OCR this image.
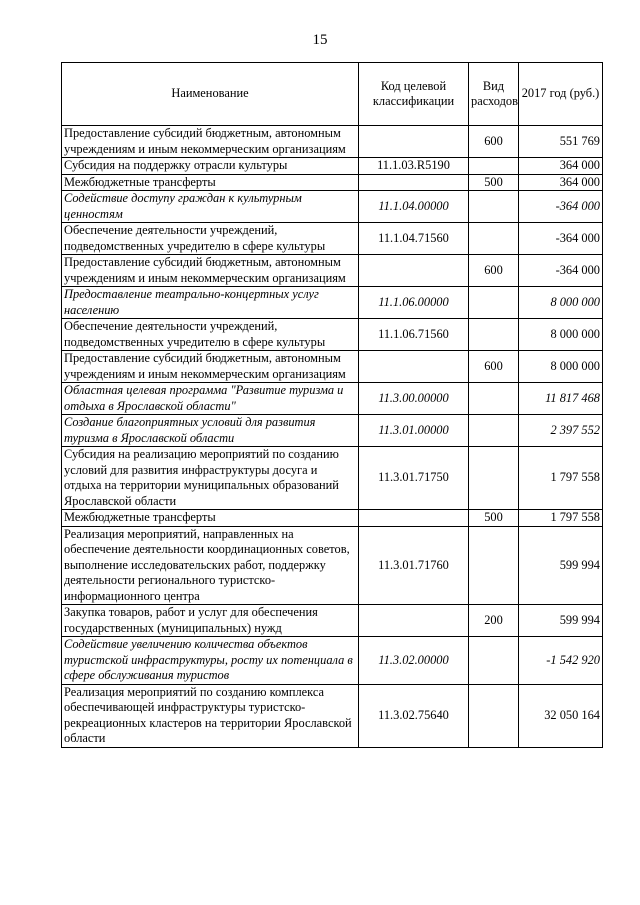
15
Наименование	Код целевой классификации	Вид расходов	2017 год (руб.)
Предоставление субсидий бюджетным, автономным учреждениям и иным некоммерческим организациям		600	551 769
Субсидия на поддержку отрасли культуры	11.1.03.R5190		364 000
Межбюджетные трансферты		500	364 000
Содействие доступу граждан к культурным ценностям	11.1.04.00000		-364 000
Обеспечение деятельности учреждений, подведомственных учредителю в сфере культуры	11.1.04.71560		-364 000
Предоставление субсидий бюджетным, автономным учреждениям и иным некоммерческим организациям		600	-364 000
Предоставление театрально-концертных услуг населению	11.1.06.00000		8 000 000
Обеспечение деятельности учреждений, подведомственных учредителю в сфере культуры	11.1.06.71560		8 000 000
Предоставление субсидий бюджетным, автономным учреждениям и иным некоммерческим организациям		600	8 000 000
Областная целевая программа "Развитие туризма и отдыха в Ярославской области"	11.3.00.00000		11 817 468
Создание благоприятных условий для развития туризма в Ярославской области	11.3.01.00000		2 397 552
Субсидия на реализацию мероприятий по созданию условий для развития инфраструктуры досуга и отдыха на территории муниципальных образований Ярославской области	11.3.01.71750		1 797 558
Межбюджетные трансферты		500	1 797 558
Реализация мероприятий, направленных на обеспечение деятельности координационных советов, выполнение исследовательских работ, поддержку деятельности регионального туристско-информационного центра	11.3.01.71760		599 994
Закупка товаров, работ и услуг для обеспечения государственных (муниципальных) нужд		200	599 994
Содействие увеличению количества объектов туристской инфраструктуры, росту их потенциала в сфере обслуживания туристов	11.3.02.00000		-1 542 920
Реализация мероприятий по созданию комплекса обеспечивающей инфраструктуры туристско-рекреационных кластеров на территории Ярославской области	11.3.02.75640		32 050 164
